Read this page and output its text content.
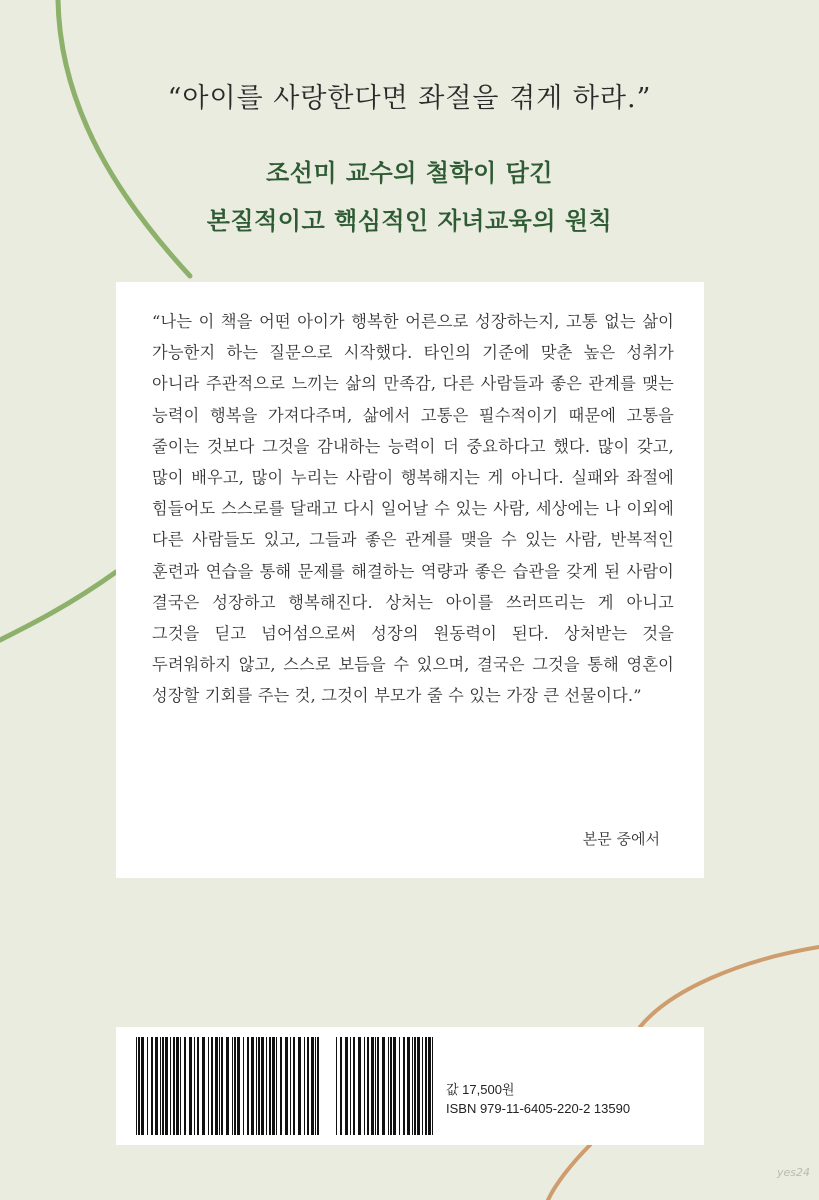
“아이를 사랑한다면 좌절을 겪게 하라.”
조선미 교수의 철학이 담긴
본질적이고 핵심적인 자녀교육의 원칙
“나는 이 책을 어떤 아이가 행복한 어른으로 성장하는지, 고통 없는 삶이 가능한지 하는 질문으로 시작했다. 타인의 기준에 맞춘 높은 성취가 아니라 주관적으로 느끼는 삶의 만족감, 다른 사람들과 좋은 관계를 맺는 능력이 행복을 가져다주며, 삶에서 고통은 필수적이기 때문에 고통을 줄이는 것보다 그것을 감내하는 능력이 더 중요하다고 했다. 많이 갖고, 많이 배우고, 많이 누리는 사람이 행복해지는 게 아니다. 실패와 좌절에 힘들어도 스스로를 달래고 다시 일어날 수 있는 사람, 세상에는 나 이외에 다른 사람들도 있고, 그들과 좋은 관계를 맺을 수 있는 사람, 반복적인 훈련과 연습을 통해 문제를 해결하는 역량과 좋은 습관을 갖게 된 사람이 결국은 성장하고 행복해진다. 상처는 아이를 쓰러뜨리는 게 아니고 그것을 딛고 넘어섬으로써 성장의 원동력이 된다. 상처받는 것을 두려워하지 않고, 스스로 보듬을 수 있으며, 결국은 그것을 통해 영혼이 성장할 기회를 주는 것, 그것이 부모가 줄 수 있는 가장 큰 선물이다.”
본문 중에서
값 17,500원
ISBN 979-11-6405-220-2 13590
yes24
